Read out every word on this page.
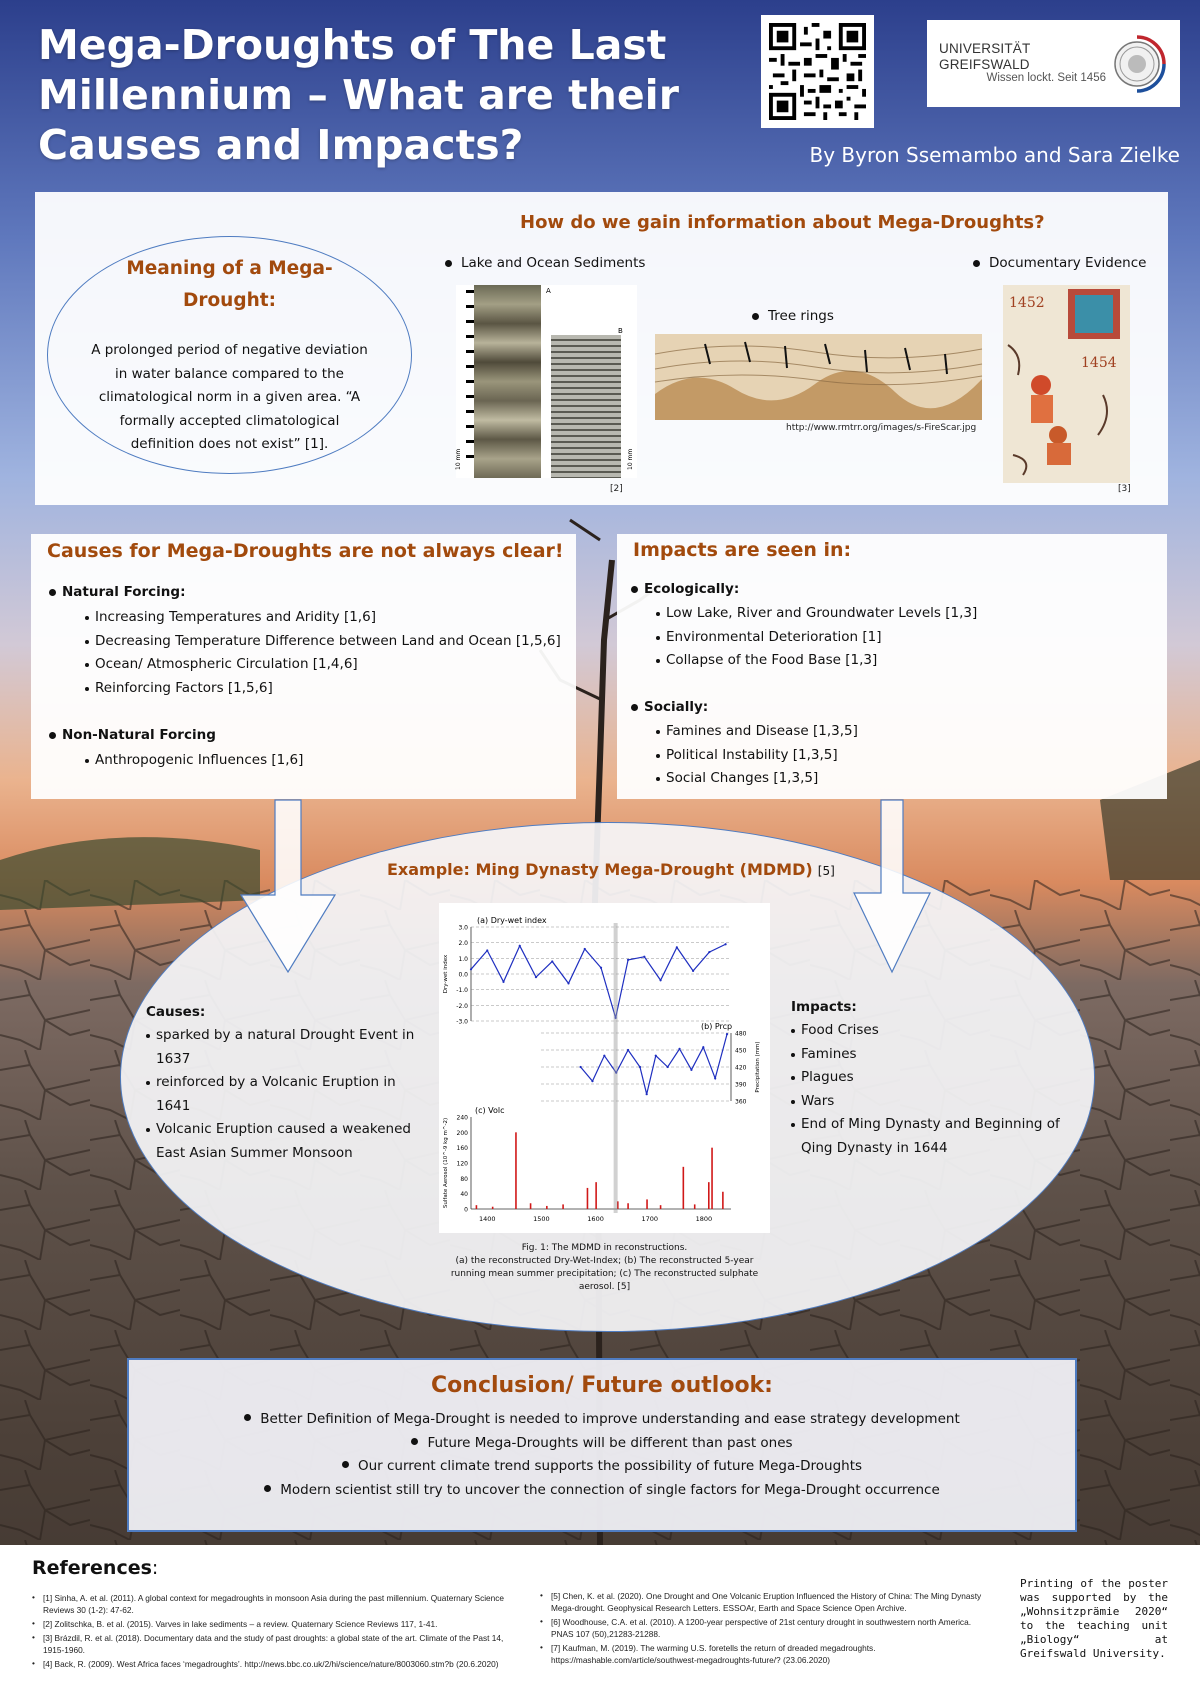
Mega-Droughts of The Last
Millennium – What are their
Causes and Impacts?
UNIVERSITÄT GREIFSWALD
Wissen lockt. Seit 1456
By Byron Ssemambo and Sara Zielke
How do we gain information about Mega-Droughts?
Meaning of a Mega-Drought:
A prolonged period of negative deviation in water balance compared to the climatological norm in a given area. “A formally accepted climatological definition does not exist” [1].
Lake and Ocean Sediments
A
10 mm
B
10 mm
[2]
Tree rings
http://www.rmtrr.org/images/s-FireScar.jpg
Documentary Evidence
1452
1454
[3]
Causes for Mega-Droughts are not always clear!
Natural Forcing:
Increasing Temperatures and Aridity [1,6]
Decreasing Temperature Difference between Land and Ocean [1,5,6]
Ocean/ Atmospheric Circulation [1,4,6]
Reinforcing Factors [1,5,6]
Non-Natural Forcing
Anthropogenic Influences [1,6]
Impacts are seen in:
Ecologically:
Low Lake, River and Groundwater Levels [1,3]
Environmental Deterioration [1]
Collapse of the Food Base [1,3]
Socially:
Famines and Disease [1,3,5]
Political Instability [1,3,5]
Social Changes [1,3,5]
Example: Ming Dynasty Mega-Drought (MDMD) [5]
Causes:
sparked by a natural Drought Event in 1637
reinforced by a Volcanic Eruption in 1641
Volcanic Eruption caused a weakened East Asian Summer Monsoon
Impacts:
Food Crises
Famines
Plagues
Wars
End of Ming Dynasty and Beginning of Qing Dynasty in 1644
(a) Dry-wet index
3.0
2.0
1.0
0.0
-1.0
-2.0
-3.0
Dry-wet index
(b) Prcp
480
450
420
390
360
Precipitation (mm)
(c) Volc
240
200
160
120
80
40
0
Sulfate Aerosol (10^-9 kg m^-2)
1400	1500	1600	1700	1800
Fig. 1: The MDMD in reconstructions.
(a) the reconstructed Dry-Wet-Index; (b) The reconstructed 5-year running mean summer precipitation; (c) The reconstructed sulphate aerosol. [5]
Conclusion/ Future outlook:
Better Definition of Mega-Drought is needed to improve understanding and ease strategy development
Future Mega-Droughts will be different than past ones
Our current climate trend supports the possibility of future Mega-Droughts
Modern scientist still try to uncover the connection of single factors for Mega-Drought occurrence
References:
• [1] Sinha, A. et al. (2011). A global context for megadroughts in monsoon Asia during the past millennium. Quaternary Science Reviews 30 (1-2): 47-62.
• [2] Zolitschka, B. et al. (2015). Varves in lake sediments – a review. Quaternary Science Reviews 117, 1-41.
• [3] Brázdil, R. et al. (2018). Documentary data and the study of past droughts: a global state of the art. Climate of the Past 14, 1915-1960.
• [4] Back, R. (2009). West Africa faces ‘megadroughts’. http://news.bbc.co.uk/2/hi/science/nature/8003060.stm?b (20.6.2020)
• [5] Chen, K. et al. (2020). One Drought and One Volcanic Eruption Influenced the History of China: The Ming Dynasty Mega-drought. Geophysical Research Letters. ESSOAr, Earth and Space Science Open Archive.
• [6] Woodhouse, C.A. et al. (2010). A 1200-year perspective of 21st century drought in southwestern north America. PNAS 107 (50),21283-21288.
• [7] Kaufman, M. (2019). The warming U.S. foretells the return of dreaded megadroughts. https://mashable.com/article/southwest-megadroughts-future/? (23.06.2020)
Printing of the poster was supported by the „Wohnsitzprämie 2020“ to the teaching unit „Biology“ at Greifswald University.
